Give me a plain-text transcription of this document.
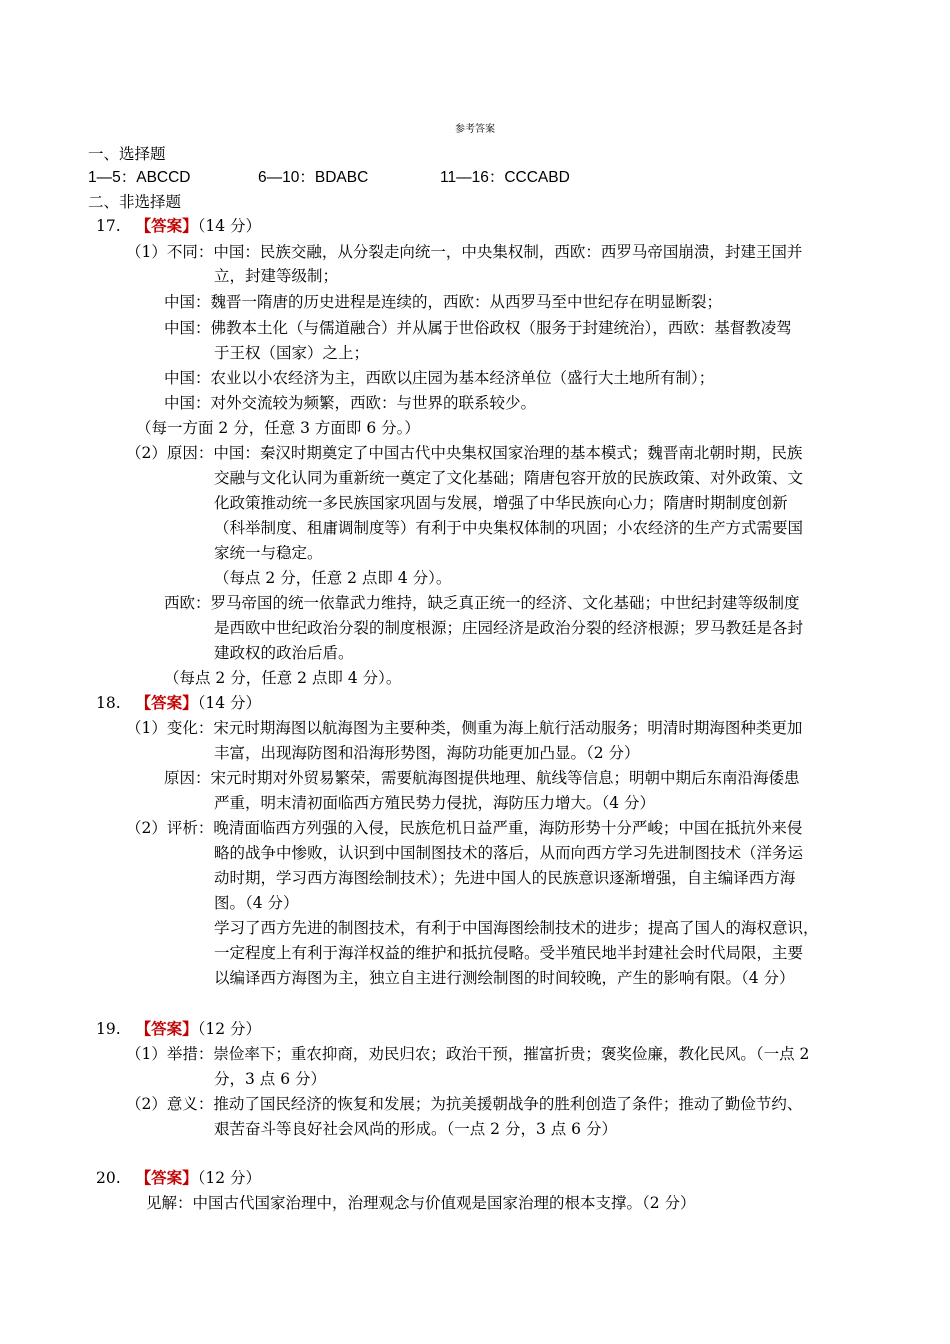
参考答案
一、选择题
1—5：ABCCD	6—10：BDABC	11—16：CCCABD
二、非选择题
17. 【答案】（14 分）
（1）不同：中国：民族交融，从分裂走向统一，中央集权制，西欧：西罗马帝国崩溃，封建王国并
立，封建等级制；
中国：魏晋一隋唐的历史进程是连续的，西欧：从西罗马至中世纪存在明显断裂；
中国：佛教本土化（与儒道融合）并从属于世俗政权（服务于封建统治），西欧：基督教凌驾
于王权（国家）之上；
中国：农业以小农经济为主，西欧以庄园为基本经济单位（盛行大土地所有制）；
中国：对外交流较为频繁，西欧：与世界的联系较少。
（每一方面 2 分，任意 3 方面即 6 分。）
（2）原因：中国：秦汉时期奠定了中国古代中央集权国家治理的基本模式；魏晋南北朝时期，民族
交融与文化认同为重新统一奠定了文化基础；隋唐包容开放的民族政策、对外政策、文
化政策推动统一多民族国家巩固与发展，增强了中华民族向心力；隋唐时期制度创新
（科举制度、租庸调制度等）有利于中央集权体制的巩固；小农经济的生产方式需要国
家统一与稳定。
（每点 2 分，任意 2 点即 4 分）。
西欧：罗马帝国的统一依靠武力维持，缺乏真正统一的经济、文化基础；中世纪封建等级制度
是西欧中世纪政治分裂的制度根源；庄园经济是政治分裂的经济根源；罗马教廷是各封
建政权的政治后盾。
（每点 2 分，任意 2 点即 4 分）。
18. 【答案】（14 分）
（1）变化：宋元时期海图以航海图为主要种类，侧重为海上航行活动服务；明清时期海图种类更加
丰富，出现海防图和沿海形势图，海防功能更加凸显。（2 分）
原因：宋元时期对外贸易繁荣，需要航海图提供地理、航线等信息；明朝中期后东南沿海倭患
严重，明末清初面临西方殖民势力侵扰，海防压力增大。（4 分）
（2）评析：晚清面临西方列强的入侵，民族危机日益严重，海防形势十分严峻；中国在抵抗外来侵
略的战争中惨败，认识到中国制图技术的落后，从而向西方学习先进制图技术（洋务运
动时期，学习西方海图绘制技术）；先进中国人的民族意识逐渐增强，自主编译西方海
图。（4 分）
学习了西方先进的制图技术，有利于中国海图绘制技术的进步；提高了国人的海权意识，
一定程度上有利于海洋权益的维护和抵抗侵略。受半殖民地半封建社会时代局限，主要
以编译西方海图为主，独立自主进行测绘制图的时间较晚，产生的影响有限。（4 分）
19. 【答案】（12 分）
（1）举措：崇俭率下；重农抑商，劝民归农；政治干预，摧富折贵；褒奖俭廉，教化民风。（一点 2
分，3 点 6 分）
（2）意义：推动了国民经济的恢复和发展；为抗美援朝战争的胜利创造了条件；推动了勤俭节约、
艰苦奋斗等良好社会风尚的形成。（一点 2 分，3 点 6 分）
20. 【答案】（12 分）
见解：中国古代国家治理中，治理观念与价值观是国家治理的根本支撑。（2 分）
